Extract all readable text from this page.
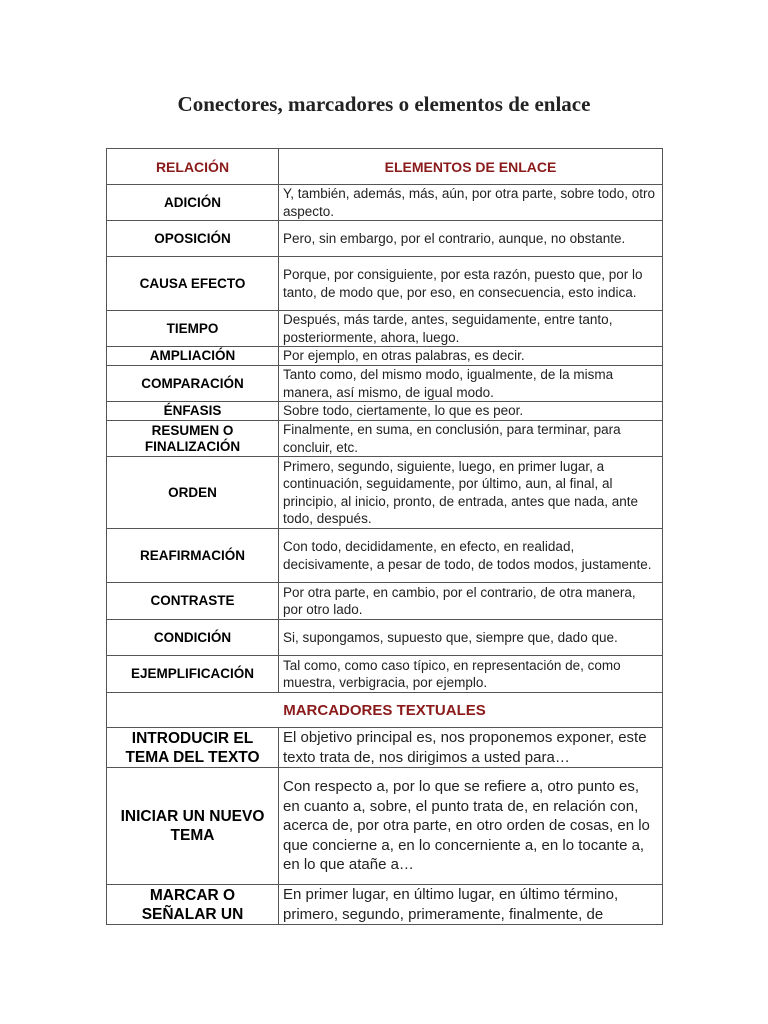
Conectores, marcadores o elementos de enlace
RELACIÓN	ELEMENTOS DE ENLACE
ADICIÓN	Y, también, además, más, aún, por otra parte, sobre todo, otro aspecto.
OPOSICIÓN	Pero, sin embargo, por el contrario, aunque, no obstante.
CAUSA EFECTO	Porque, por consiguiente, por esta razón, puesto que, por lo tanto, de modo que, por eso, en consecuencia, esto indica.
TIEMPO	Después, más tarde, antes, seguidamente, entre tanto, posteriormente, ahora, luego.
AMPLIACIÓN	Por ejemplo, en otras palabras, es decir.
COMPARACIÓN	Tanto como, del mismo modo, igualmente, de la misma manera, así mismo, de igual modo.
ÉNFASIS	Sobre todo, ciertamente, lo que es peor.
RESUMEN O FINALIZACIÓN	Finalmente, en suma, en conclusión, para terminar, para concluir, etc.
ORDEN	Primero, segundo, siguiente, luego, en primer lugar, a continuación, seguidamente, por último, aun, al final, al principio, al inicio, pronto, de entrada, antes que nada, ante todo, después.
REAFIRMACIÓN	Con todo, decididamente, en efecto, en realidad, decisivamente, a pesar de todo, de todos modos, justamente.
CONTRASTE	Por otra parte, en cambio, por el contrario, de otra manera, por otro lado.
CONDICIÓN	Si, supongamos, supuesto que, siempre que, dado que.
EJEMPLIFICACIÓN	Tal como, como caso típico, en representación de, como muestra, verbigracia, por ejemplo.
MARCADORES TEXTUALES	
INTRODUCIR EL TEMA DEL TEXTO	El objetivo principal es, nos proponemos exponer, este texto trata de, nos dirigimos a usted para…
INICIAR UN NUEVO TEMA	Con respecto a, por lo que se refiere a, otro punto es, en cuanto a, sobre, el punto trata de, en relación con, acerca de, por otra parte, en otro orden de cosas, en lo que concierne a, en lo concerniente a, en lo tocante a, en lo que atañe a…
MARCAR O SEÑALAR UN	En primer lugar, en último lugar, en último término, primero, segundo, primeramente, finalmente, de
